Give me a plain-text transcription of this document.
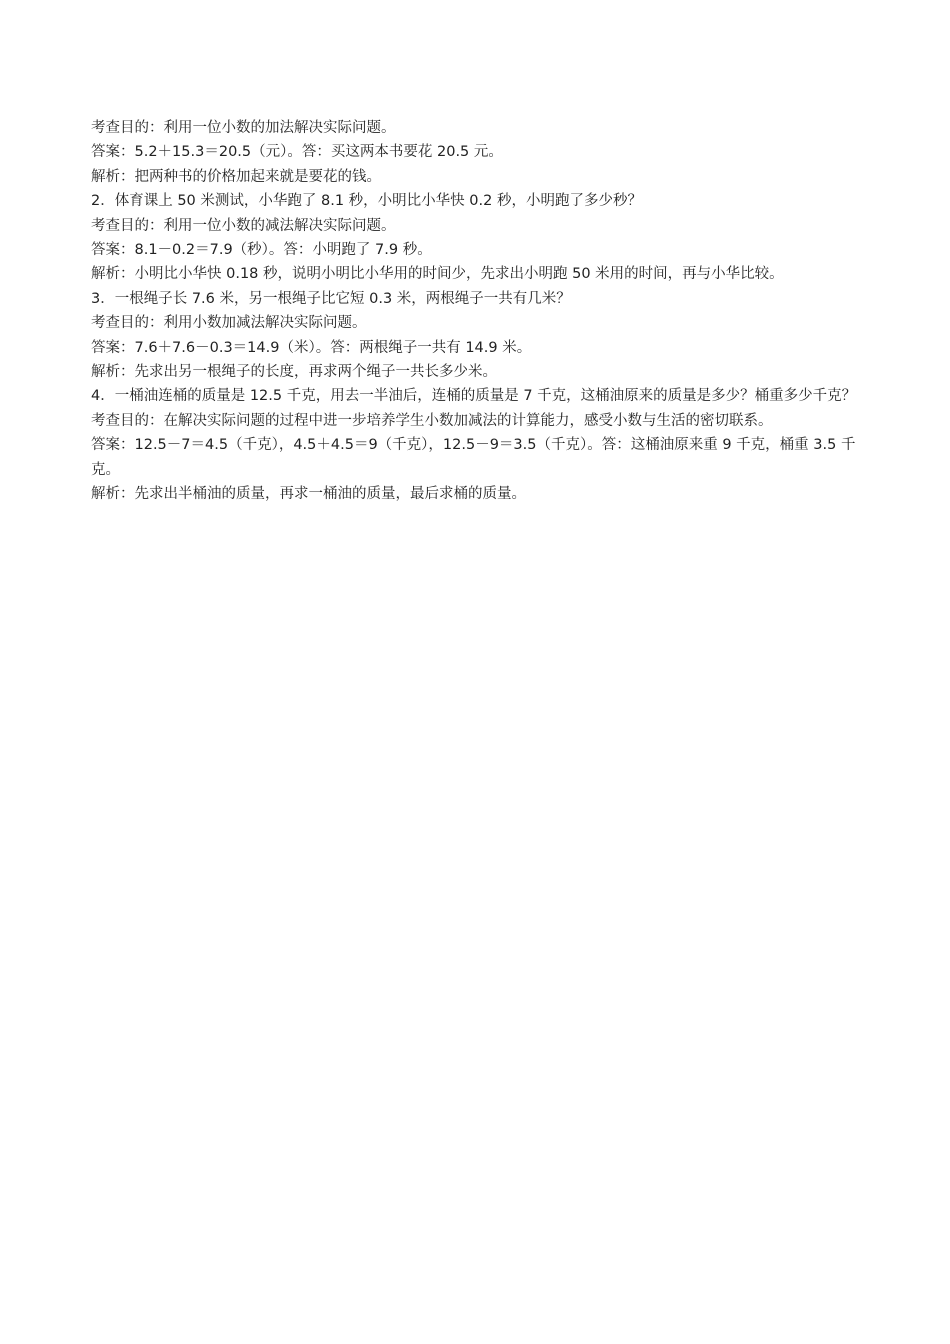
考查目的：利用一位小数的加法解决实际问题。

答案：5.2＋15.3＝20.5（元）。答：买这两本书要花 20.5 元。

解析：把两种书的价格加起来就是要花的钱。

2．体育课上 50 米测试，小华跑了 8.1 秒，小明比小华快 0.2 秒，小明跑了多少秒？

考查目的：利用一位小数的减法解决实际问题。

答案：8.1－0.2＝7.9（秒）。答：小明跑了 7.9 秒。

解析：小明比小华快 0.18 秒，说明小明比小华用的时间少，先求出小明跑 50 米用的时间，再与小华比较。

3．一根绳子长 7.6 米，另一根绳子比它短 0.3 米，两根绳子一共有几米？

考查目的：利用小数加减法解决实际问题。

答案：7.6＋7.6－0.3＝14.9（米）。答：两根绳子一共有 14.9 米。

解析：先求出另一根绳子的长度，再求两个绳子一共长多少米。

4．一桶油连桶的质量是 12.5 千克，用去一半油后，连桶的质量是 7 千克，这桶油原来的质量是多少？桶重多少千克？

考查目的：在解决实际问题的过程中进一步培养学生小数加减法的计算能力，感受小数与生活的密切联系。

答案：12.5－7＝4.5（千克），4.5＋4.5＝9（千克），12.5－9＝3.5（千克）。答：这桶油原来重 9 千克，桶重 3.5 千克。

解析：先求出半桶油的质量，再求一桶油的质量，最后求桶的质量。
